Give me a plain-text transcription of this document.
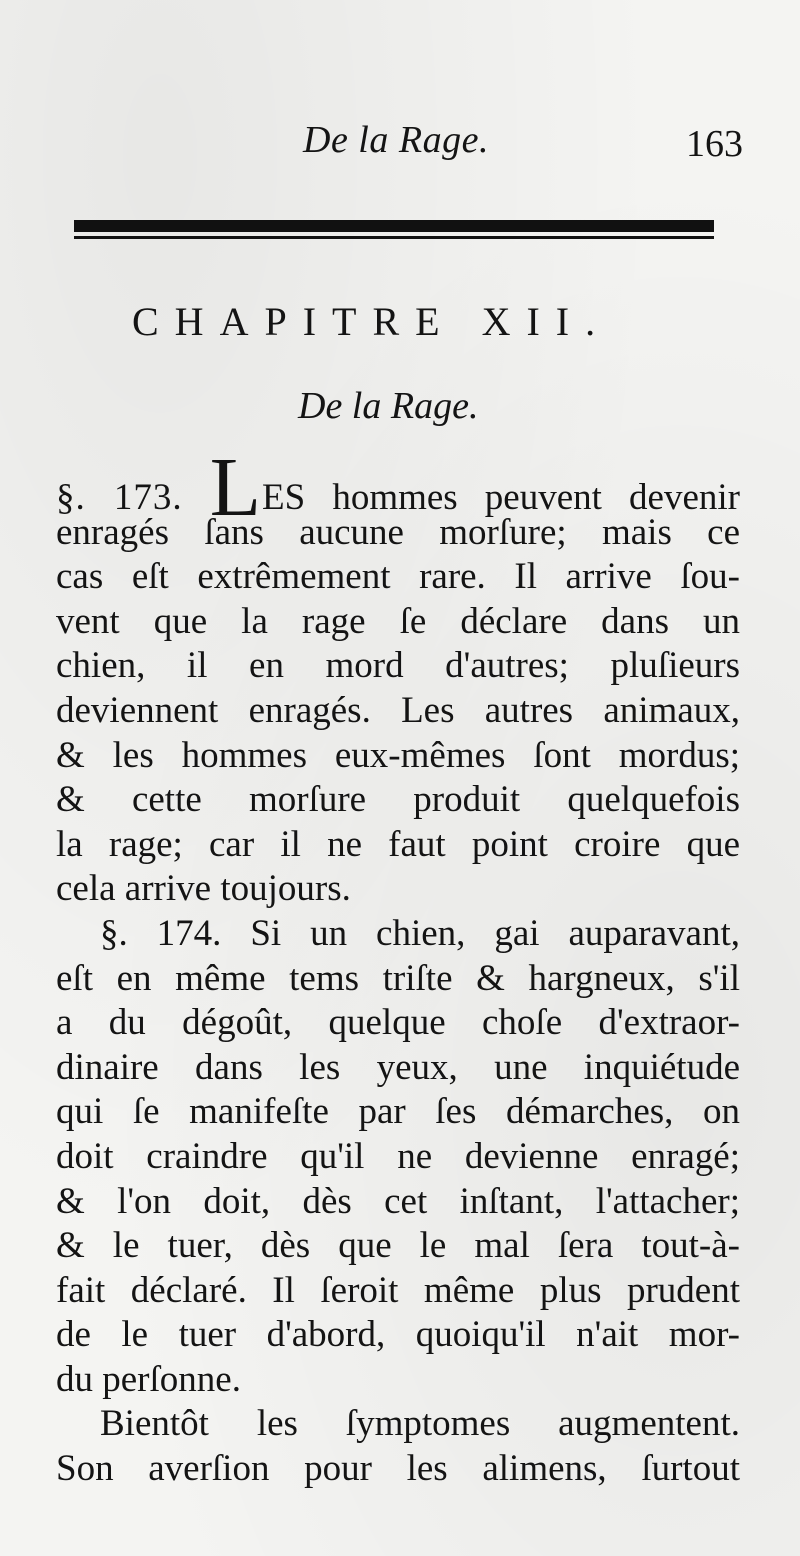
De la Rage.	163
CHAPITRE XII.
De la Rage.
§. 173. LES hommes peuvent devenir
enragés ſans aucune morſure; mais ce
cas eſt extrêmement rare. Il arrive ſou-
vent que la rage ſe déclare dans un
chien, il en mord d'autres; pluſieurs
deviennent enragés. Les autres animaux,
& les hommes eux-mêmes ſont mordus;
& cette morſure produit quelquefois
la rage; car il ne faut point croire que
cela arrive toujours.
§. 174. Si un chien, gai auparavant,
eſt en même tems triſte & hargneux, s'il
a du dégoût, quelque choſe d'extraor-
dinaire dans les yeux, une inquiétude
qui ſe manifeſte par ſes démarches, on
doit craindre qu'il ne devienne enragé;
& l'on doit, dès cet inſtant, l'attacher;
& le tuer, dès que le mal ſera tout-à-
fait déclaré. Il ſeroit même plus prudent
de le tuer d'abord, quoiqu'il n'ait mor-
du perſonne.
Bientôt les ſymptomes augmentent.
Son averſion pour les alimens, ſurtout
